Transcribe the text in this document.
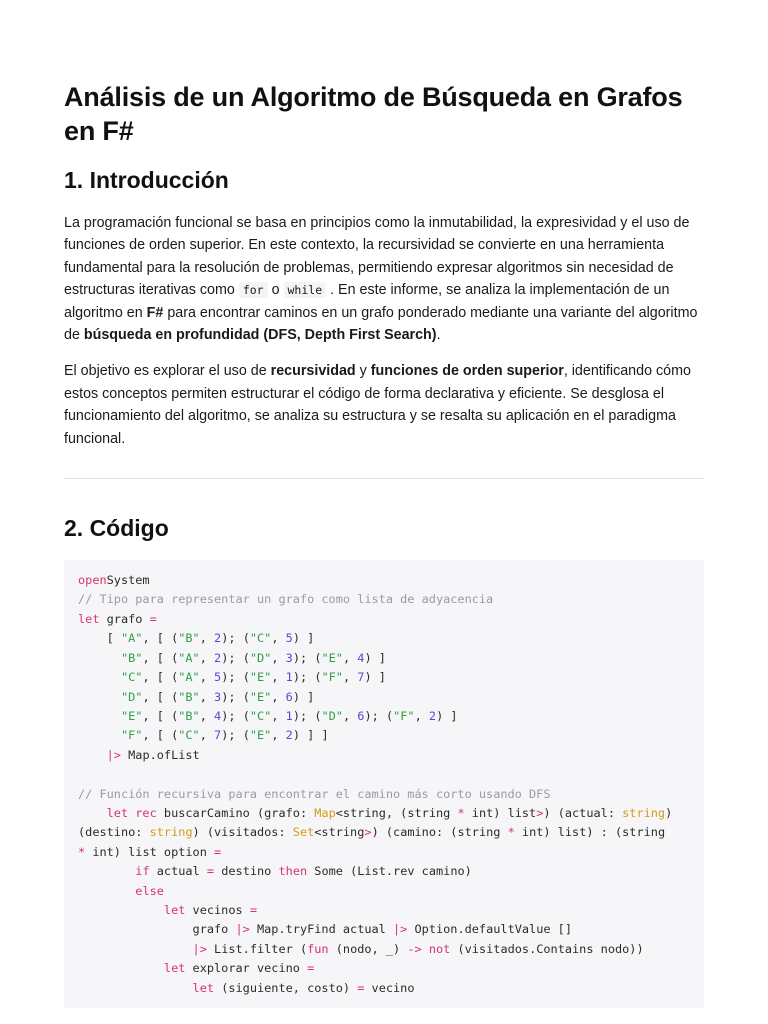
Análisis de un Algoritmo de Búsqueda en Grafos en F#
1. Introducción

La programación funcional se basa en principios como la inmutabilidad, la expresividad y el uso de funciones de orden superior. En este contexto, la recursividad se convierte en una herramienta fundamental para la resolución de problemas, permitiendo expresar algoritmos sin necesidad de estructuras iterativas como for o while . En este informe, se analiza la implementación de un algoritmo en F# para encontrar caminos en un grafo ponderado mediante una variante del algoritmo de búsqueda en profundidad (DFS, Depth First Search).

El objetivo es explorar el uso de recursividad y funciones de orden superior, identificando cómo estos conceptos permiten estructurar el código de forma declarativa y eficiente. Se desglosa el funcionamiento del algoritmo, se analiza su estructura y se resalta su aplicación en el paradigma funcional.

2. Código
openSystem
// Tipo para representar un grafo como lista de adyacencia
let grafo =
[ "A", [ ("B", 2); ("C", 5) ]
"B", [ ("A", 2); ("D", 3); ("E", 4) ]
"C", [ ("A", 5); ("E", 1); ("F", 7) ]
"D", [ ("B", 3); ("E", 6) ]
"E", [ ("B", 4); ("C", 1); ("D", 6); ("F", 2) ]
"F", [ ("C", 7); ("E", 2) ] ]
|> Map.ofList

// Función recursiva para encontrar el camino más corto usando DFS
let rec buscarCamino (grafo: Map<string, (string * int) list>) (actual: string)
(destino: string) (visitados: Set<string>) (camino: (string * int) list) : (string
* int) list option =
if actual = destino then Some (List.rev camino)
else
let vecinos =
grafo |> Map.tryFind actual |> Option.defaultValue []
|> List.filter (fun (nodo, _) -> not (visitados.Contains nodo))
let explorar vecino =
let (siguiente, costo) = vecino
